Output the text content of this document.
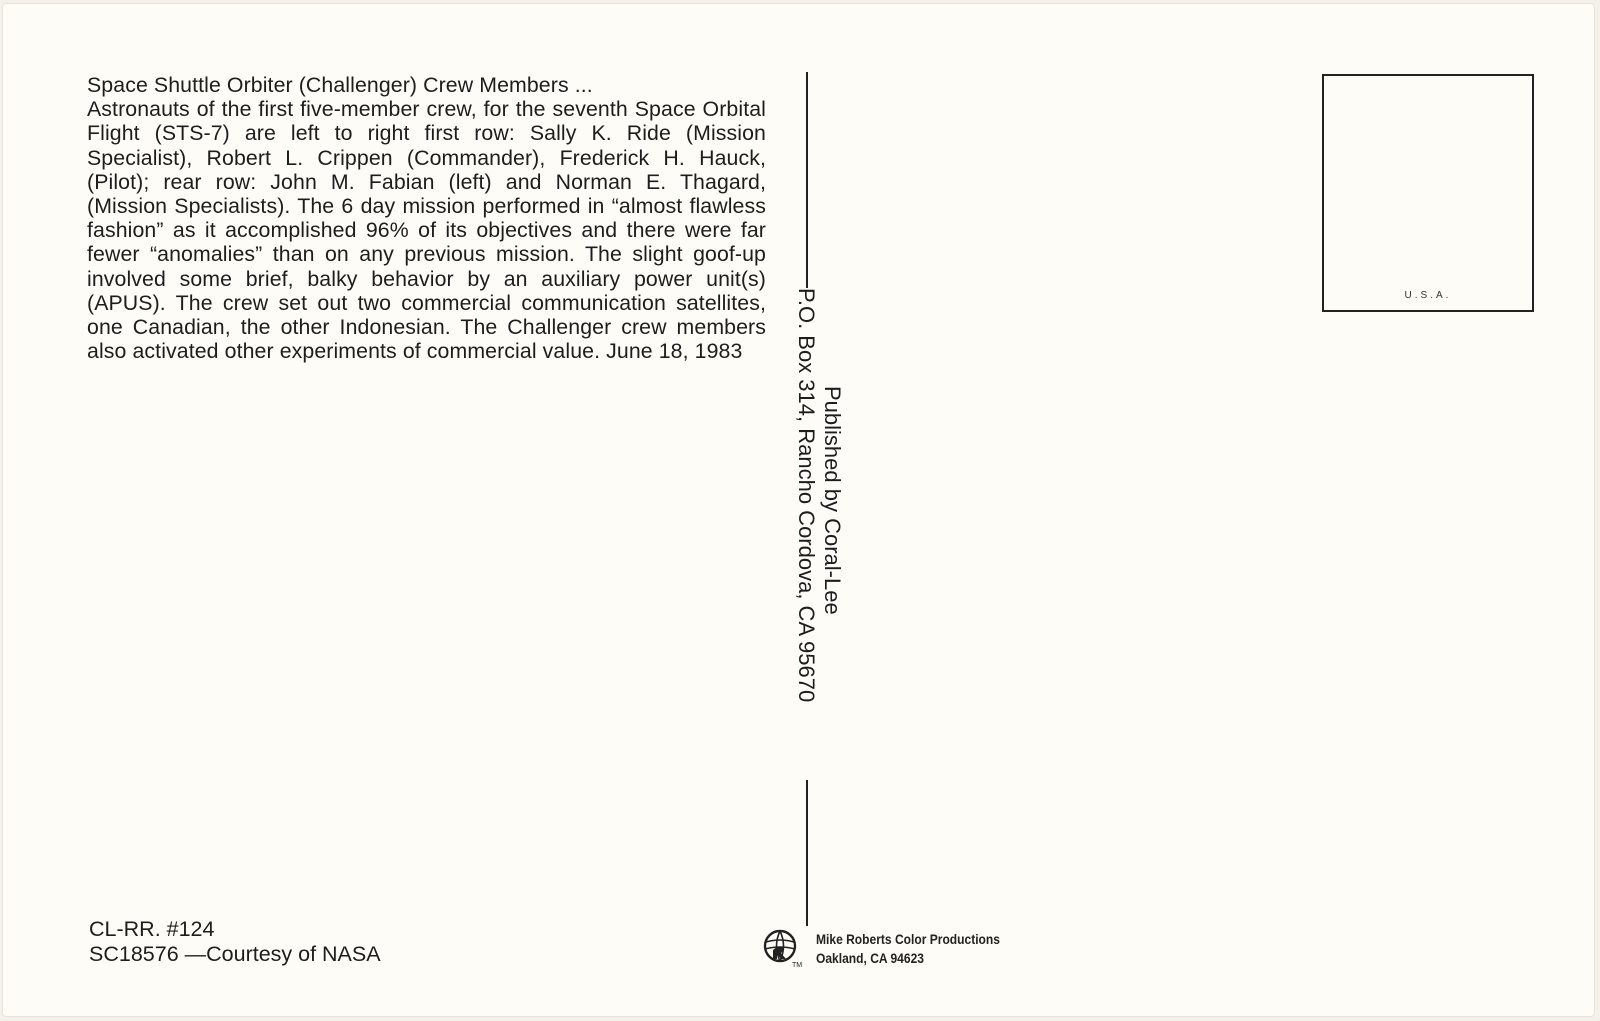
Space Shuttle Orbiter (Challenger) Crew Members ...
Astronauts of the first five-member crew, for the seventh Space Orbital Flight (STS-7) are left to right first row: Sally K. Ride (Mission Specialist), Robert L. Crippen (Commander), Frederick H. Hauck, (Pilot); rear row: John M. Fabian (left) and Norman E. Thagard, (Mission Specialists). The 6 day mission performed in “almost flawless fashion” as it accomplished 96% of its objectives and there were far fewer “anomalies” than on any previous mission. The slight goof-up involved some brief, balky behavior by an auxiliary power unit(s) (APUS). The crew set out two commercial communication satellites, one Canadian, the other Indonesian. The Challenger crew members also activated other experiments of commercial value. June 18, 1983
U.S.A.
CL-RR. #124
SC18576 —Courtesy of NASA
Published by Coral-Lee
P.O. Box 314, Rancho Cordova, CA 95670
TM
Mike Roberts Color Productions
Oakland, CA 94623
